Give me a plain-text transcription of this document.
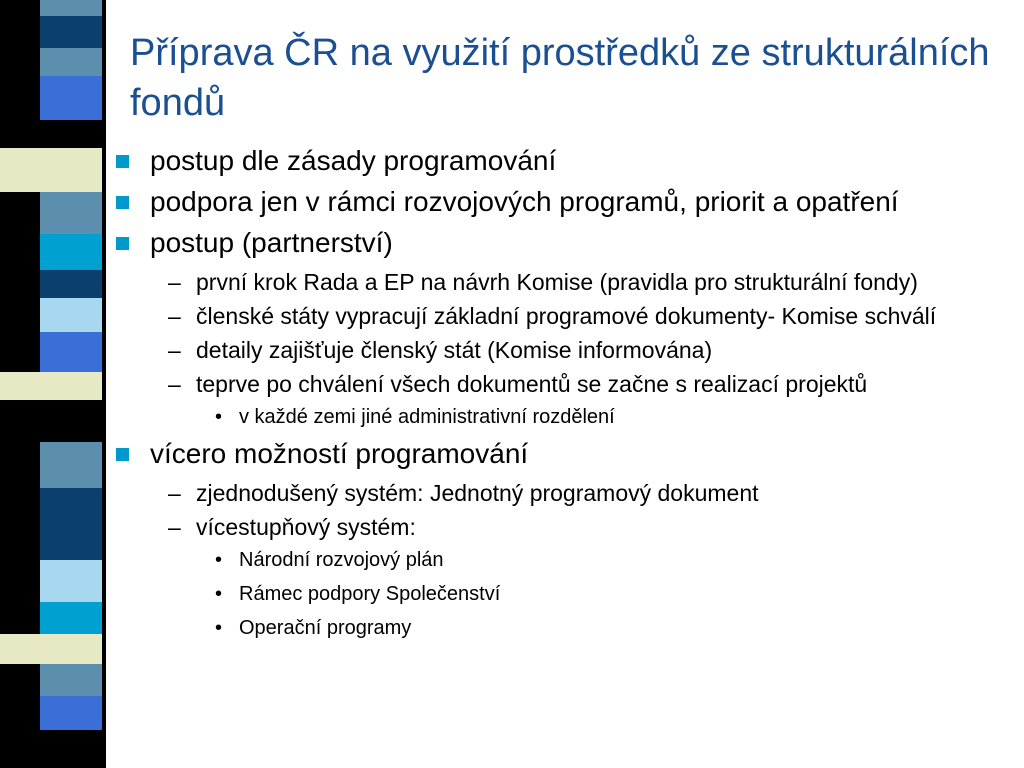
Příprava ČR na využití prostředků ze strukturálních fondů
postup dle zásady programování
podpora jen v rámci rozvojových programů, priorit a opatření
postup (partnerství)
– první krok Rada a EP na návrh Komise (pravidla pro strukturální fondy)
– členské státy vypracují základní programové dokumenty- Komise schválí
– detaily zajišťuje členský stát (Komise informována)
– teprve po chválení všech dokumentů se začne s realizací projektů
• v každé zemi jiné administrativní rozdělení
vícero možností programování
– zjednodušený systém: Jednotný programový dokument
– vícestupňový systém:
• Národní rozvojový plán
• Rámec podpory Společenství
• Operační programy
